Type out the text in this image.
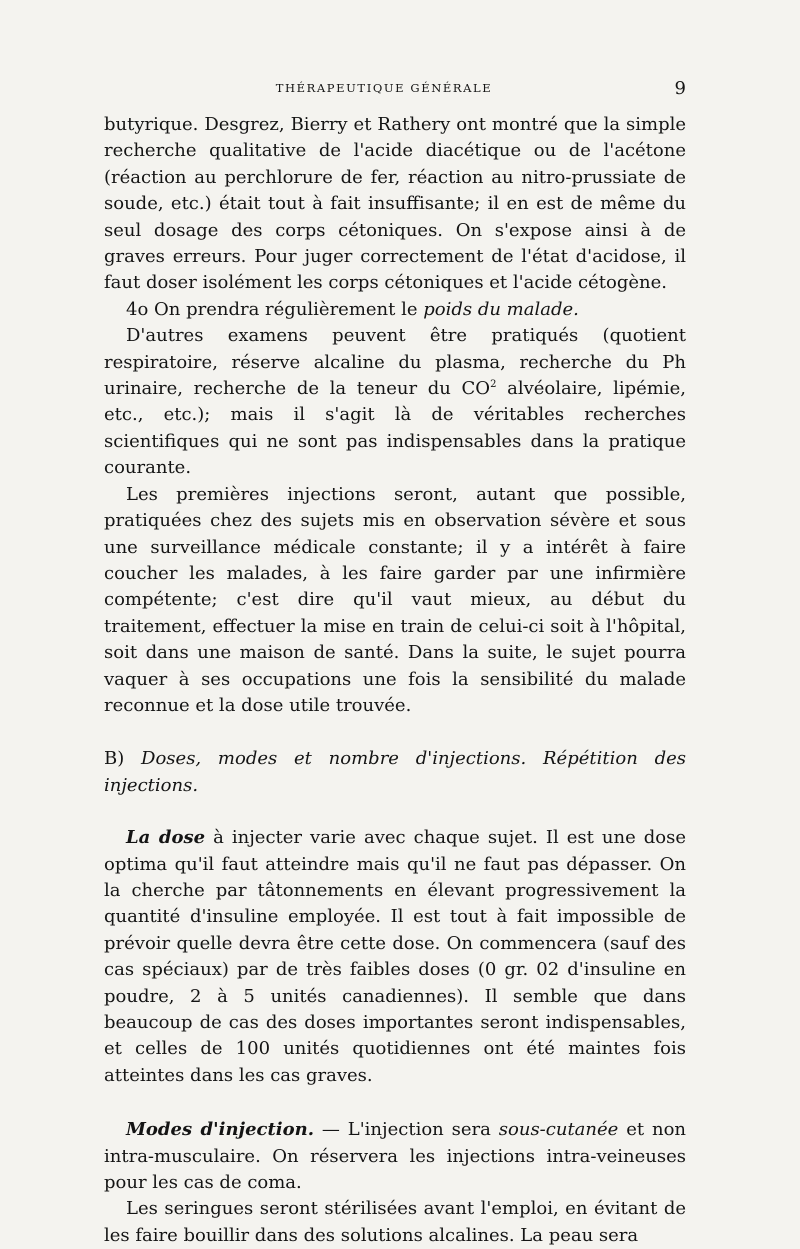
THÉRAPEUTIQUE GÉNÉRALE	9

butyrique. Desgrez, Bierry et Rathery ont montré que la simple recherche qualitative de l'acide diacétique ou de l'acétone (réaction au perchlorure de fer, réaction au nitro-prussiate de soude, etc.) était tout à fait insuffisante; il en est de même du seul dosage des corps cétoniques. On s'expose ainsi à de graves erreurs. Pour juger correctement de l'état d'acidose, il faut doser isolément les corps cétoniques et l'acide cétogène.

4o On prendra régulièrement le poids du malade.

D'autres examens peuvent être pratiqués (quotient respiratoire, réserve alcaline du plasma, recherche du Ph urinaire, recherche de la teneur du $CO^2$ alvéolaire, lipémie, etc., etc.); mais il s'agit là de véritables recherches scientifiques qui ne sont pas indispensables dans la pratique courante.

Les premières injections seront, autant que possible, pratiquées chez des sujets mis en observation sévère et sous une surveillance médicale constante; il y a intérêt à faire coucher les malades, à les faire garder par une infirmière compétente; c'est dire qu'il vaut mieux, au début du traitement, effectuer la mise en train de celui-ci soit à l'hôpital, soit dans une maison de santé. Dans la suite, le sujet pourra vaquer à ses occupations une fois la sensibilité du malade reconnue et la dose utile trouvée.

B) Doses, modes et nombre d'injections. Répétition des injections.

La dose à injecter varie avec chaque sujet. Il est une dose optima qu'il faut atteindre mais qu'il ne faut pas dépasser. On la cherche par tâtonnements en élevant progressivement la quantité d'insuline employée. Il est tout à fait impossible de prévoir quelle devra être cette dose. On commencera (sauf des cas spéciaux) par de très faibles doses (0 gr. 02 d'insuline en poudre, 2 à 5 unités canadiennes). Il semble que dans beaucoup de cas des doses importantes seront indispensables, et celles de 100 unités quotidiennes ont été maintes fois atteintes dans les cas graves.

Modes d'injection. — L'injection sera sous-cutanée et non intra-musculaire. On réservera les injections intra-veineuses pour les cas de coma.

Les seringues seront stérilisées avant l'emploi, en évitant de les faire bouillir dans des solutions alcalines. La peau sera
